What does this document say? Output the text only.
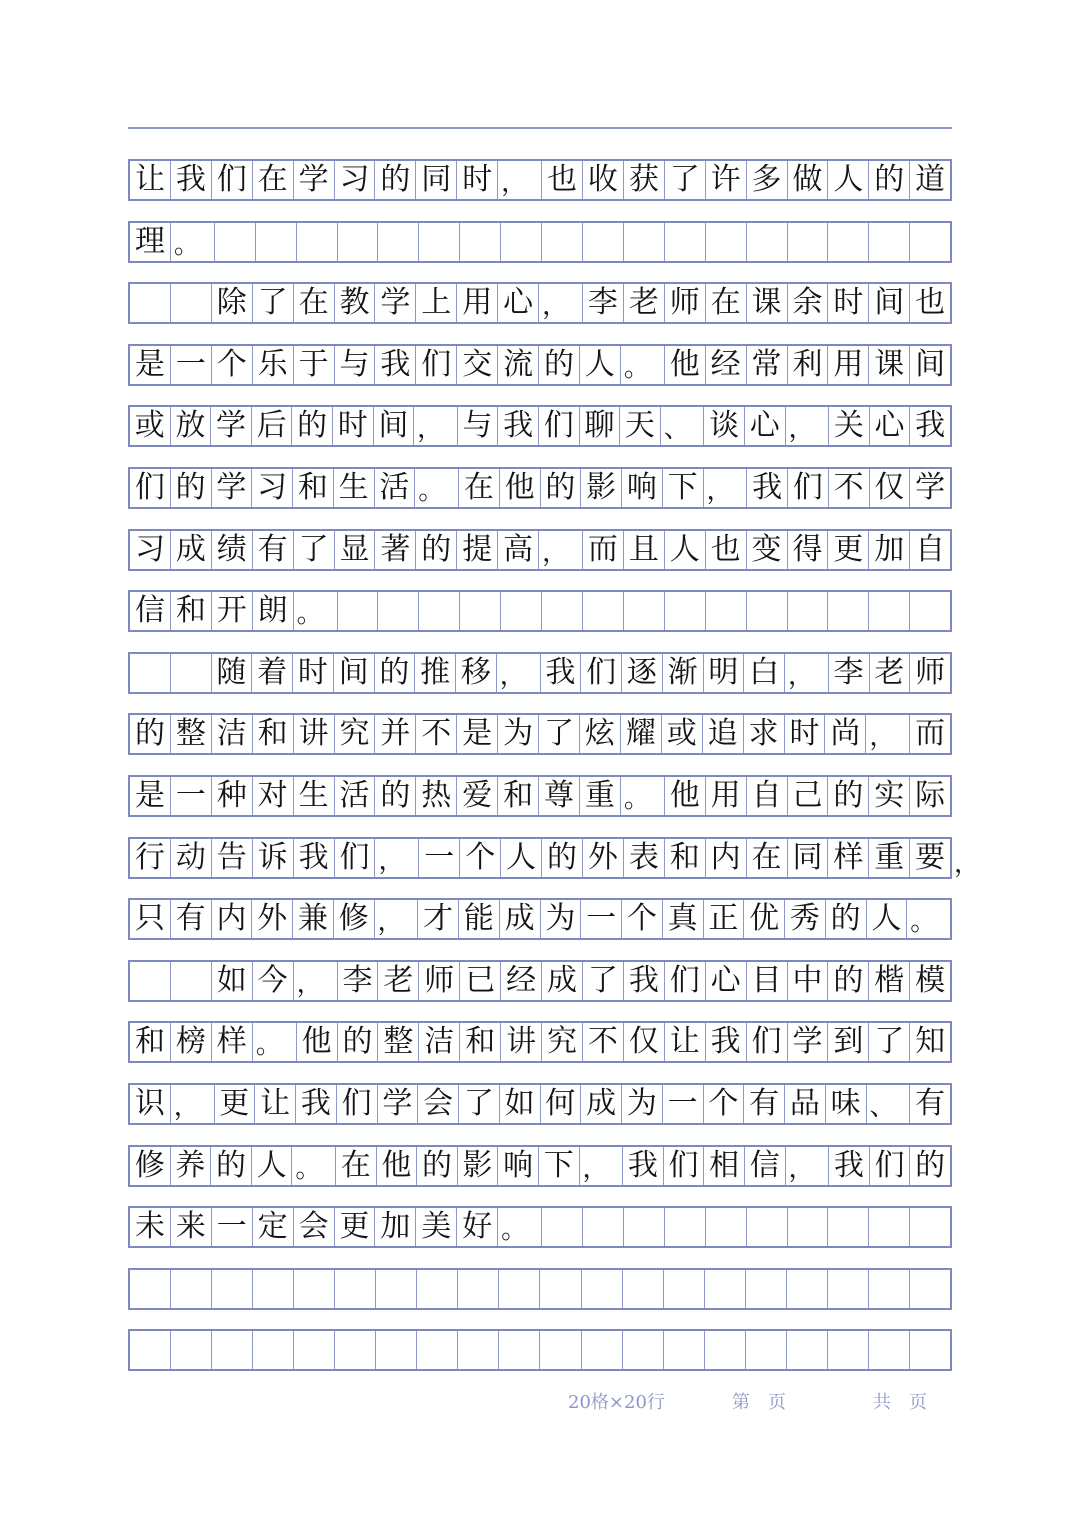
让 我 们 在 学 习 的 同 时 ， 也 收 获 了 许 多 做 人 的 道
理 。
除 了 在 教 学 上 用 心 ， 李 老 师 在 课 余 时 间 也
是 一 个 乐 于 与 我 们 交 流 的 人 。 他 经 常 利 用 课 间
或 放 学 后 的 时 间 ， 与 我 们 聊 天 、 谈 心 ， 关 心 我
们 的 学 习 和 生 活 。 在 他 的 影 响 下 ， 我 们 不 仅 学
习 成 绩 有 了 显 著 的 提 高 ， 而 且 人 也 变 得 更 加 自
信 和 开 朗 。
随 着 时 间 的 推 移 ， 我 们 逐 渐 明 白 ， 李 老 师
的 整 洁 和 讲 究 并 不 是 为 了 炫 耀 或 追 求 时 尚 ， 而
是 一 种 对 生 活 的 热 爱 和 尊 重 。 他 用 自 己 的 实 际
行 动 告 诉 我 们 ， 一 个 人 的 外 表 和 内 在 同 样 重 要
只 有 内 外 兼 修 ， 才 能 成 为 一 个 真 正 优 秀 的 人 。
如 今 ， 李 老 师 已 经 成 了 我 们 心 目 中 的 楷 模
和 榜 样 。 他 的 整 洁 和 讲 究 不 仅 让 我 们 学 到 了 知
识 ， 更 让 我 们 学 会 了 如 何 成 为 一 个 有 品 味 、 有
修 养 的 人 。 在 他 的 影 响 下 ， 我 们 相 信 ， 我 们 的
未 来 一 定 会 更 加 美 好 。
，
20格×20行	第　页	共　页
